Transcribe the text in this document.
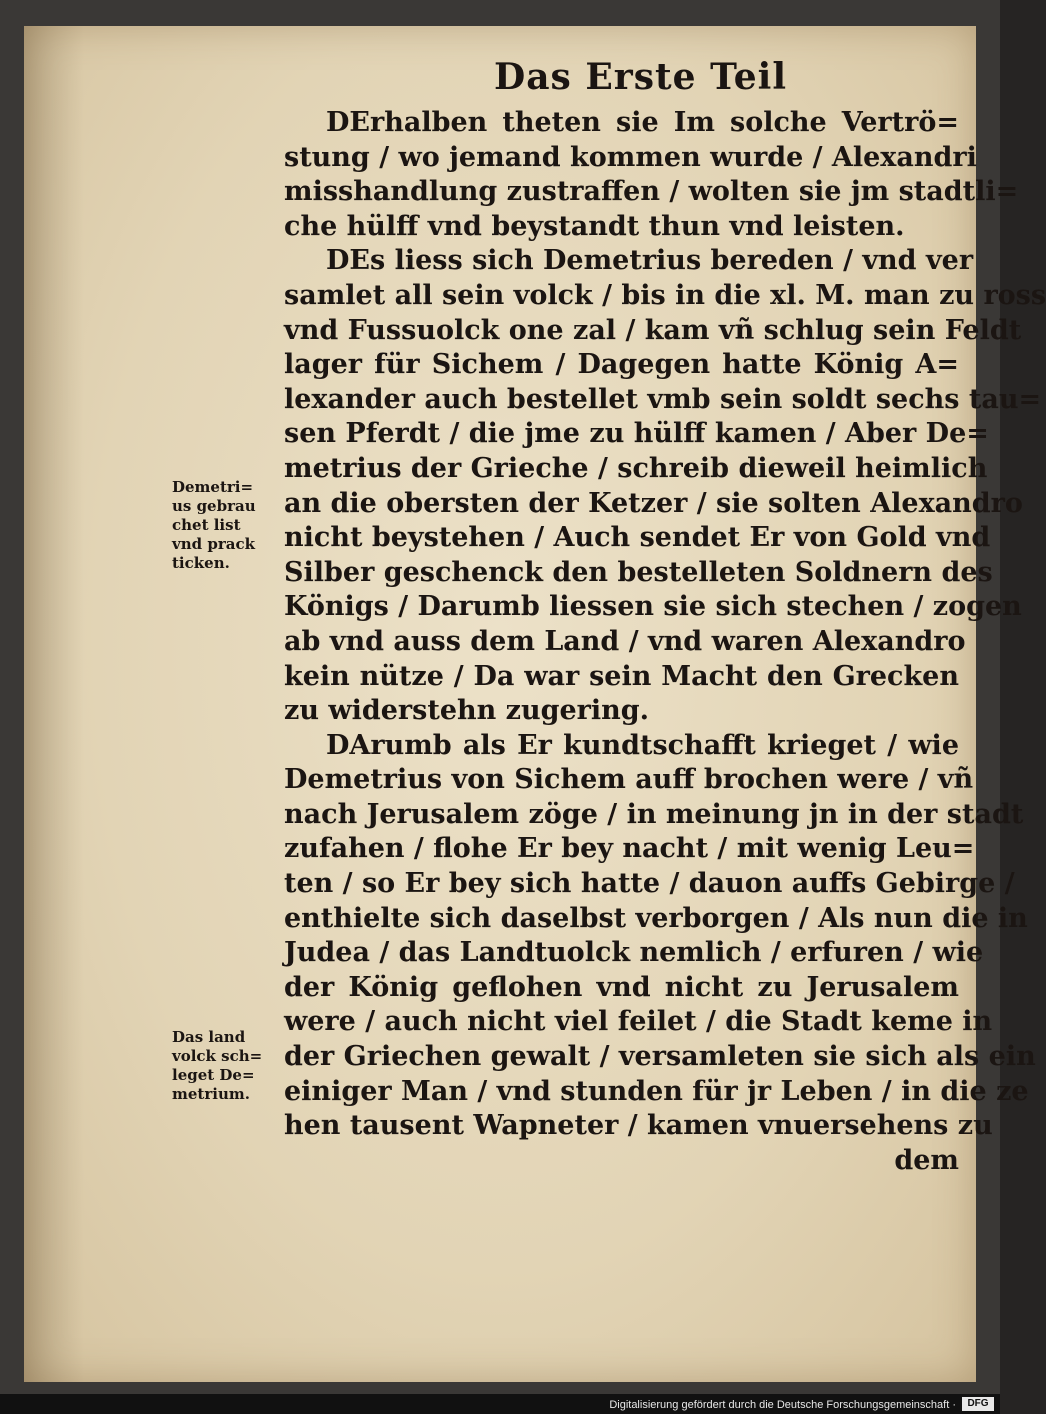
Das Erste Teil
DErhalben theten sie Im solche Vertrö=
stung / wo jemand kommen wurde / Alexandri
misshandlung zustraffen / wolten sie jm stadtli=
che hülff vnd beystandt thun vnd leisten.
DEs liess sich Demetrius bereden / vnd ver
samlet all sein volck / bis in die xl. M. man zu ross
vnd Fussuolck one zal / kam vñ schlug sein Feldt
lager für Sichem / Dagegen hatte König A=
lexander auch bestellet vmb sein soldt sechs tau=
sen Pferdt / die jme zu hülff kamen / Aber De=
metrius der Grieche / schreib dieweil heimlich
an die obersten der Ketzer / sie solten Alexandro
nicht beystehen / Auch sendet Er von Gold vnd
Silber geschenck den bestelleten Soldnern des
Königs / Darumb liessen sie sich stechen / zogen
ab vnd auss dem Land / vnd waren Alexandro
kein nütze / Da war sein Macht den Grecken
zu widerstehn zugering.
DArumb als Er kundtschafft krieget / wie
Demetrius von Sichem auff brochen were / vñ
nach Jerusalem zöge / in meinung jn in der stadt
zufahen / flohe Er bey nacht / mit wenig Leu=
ten / so Er bey sich hatte / dauon auffs Gebirge /
enthielte sich daselbst verborgen / Als nun die in
Judea / das Landtuolck nemlich / erfuren / wie
der König geflohen vnd nicht zu Jerusalem
were / auch nicht viel feilet / die Stadt keme in
der Griechen gewalt / versamleten sie sich als ein
einiger Man / vnd stunden für jr Leben / in die ze
hen tausent Wapneter / kamen vnuersehens zu
dem
Demetri=
us gebrau
chet list
vnd prack
ticken.
Das land
volck sch=
leget De=
metrium.
Digitalisierung gefördert durch die Deutsche Forschungsgemeinschaft ·	DFG
